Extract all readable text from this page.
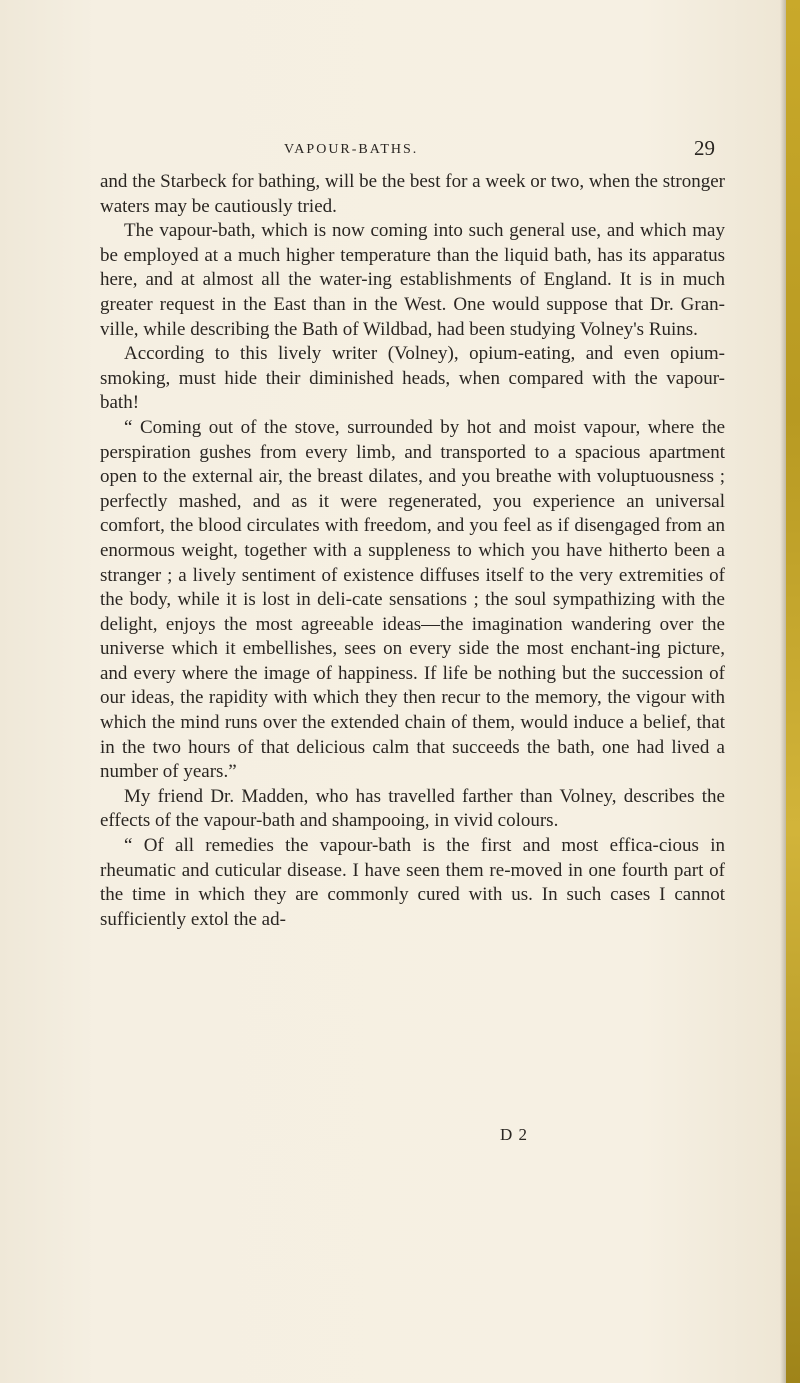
VAPOUR-BATHS.	29

and the Starbeck for bathing, will be the best for a week or two, when the stronger waters may be cautiously tried.

The vapour-bath, which is now coming into such general use, and which may be employed at a much higher temperature than the liquid bath, has its apparatus here, and at almost all the water-ing establishments of England. It is in much greater request in the East than in the West. One would suppose that Dr. Gran-ville, while describing the Bath of Wildbad, had been studying Volney's Ruins.

According to this lively writer (Volney), opium-eating, and even opium-smoking, must hide their diminished heads, when compared with the vapour-bath!

“ Coming out of the stove, surrounded by hot and moist vapour, where the perspiration gushes from every limb, and transported to a spacious apartment open to the external air, the breast dilates, and you breathe with voluptuousness ; perfectly mashed, and as it were regenerated, you experience an universal comfort, the blood circulates with freedom, and you feel as if disengaged from an enormous weight, together with a suppleness to which you have hitherto been a stranger ; a lively sentiment of existence diffuses itself to the very extremities of the body, while it is lost in deli-cate sensations ; the soul sympathizing with the delight, enjoys the most agreeable ideas—the imagination wandering over the universe which it embellishes, sees on every side the most enchant-ing picture, and every where the image of happiness. If life be nothing but the succession of our ideas, the rapidity with which they then recur to the memory, the vigour with which the mind runs over the extended chain of them, would induce a belief, that in the two hours of that delicious calm that succeeds the bath, one had lived a number of years.”

My friend Dr. Madden, who has travelled farther than Volney, describes the effects of the vapour-bath and shampooing, in vivid colours.

“ Of all remedies the vapour-bath is the first and most effica-cious in rheumatic and cuticular disease. I have seen them re-moved in one fourth part of the time in which they are commonly cured with us. In such cases I cannot sufficiently extol the ad-

D 2
